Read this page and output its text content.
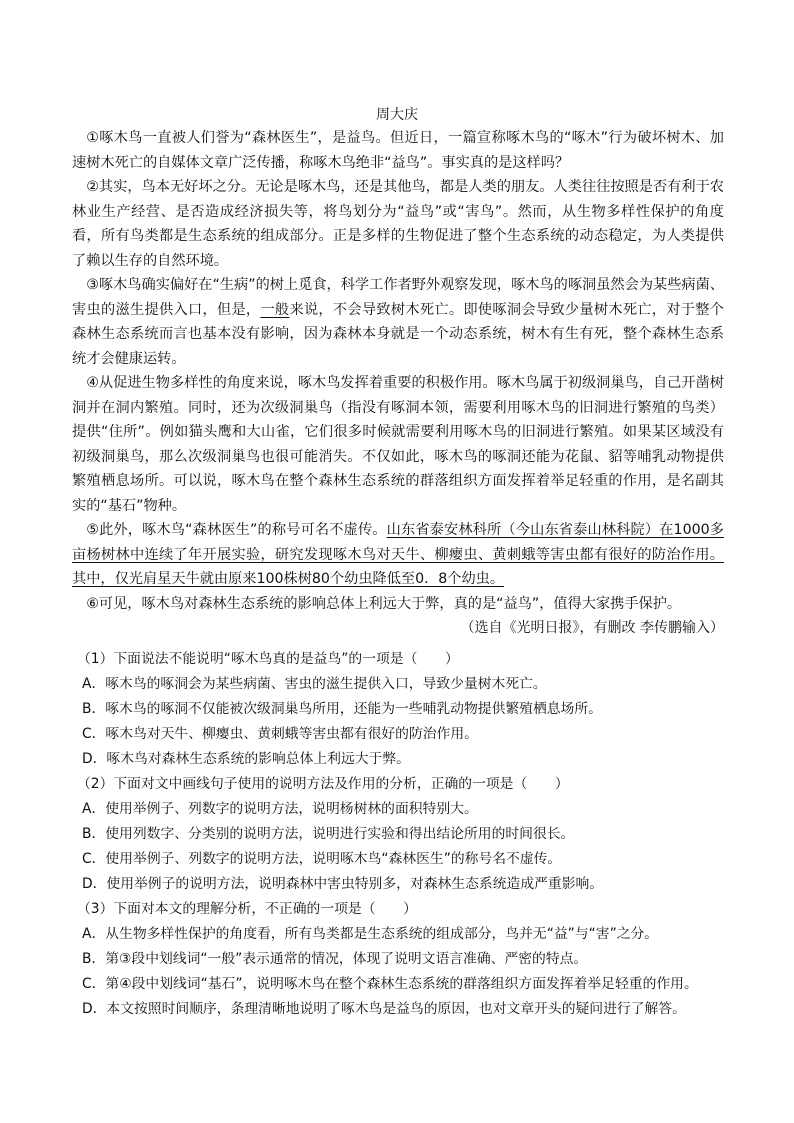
周大庆

①啄木鸟一直被人们誉为“森林医生”，是益鸟。但近日，一篇宣称啄木鸟的“啄木”行为破坏树木、加速树木死亡的自媒体文章广泛传播，称啄木鸟绝非“益鸟”。事实真的是这样吗？

②其实，鸟本无好坏之分。无论是啄木鸟，还是其他鸟，都是人类的朋友。人类往往按照是否有利于农林业生产经营、是否造成经济损失等，将鸟划分为“益鸟”或“害鸟”。然而，从生物多样性保护的角度看，所有鸟类都是生态系统的组成部分。正是多样的生物促进了整个生态系统的动态稳定，为人类提供了赖以生存的自然环境。

③啄木鸟确实偏好在“生病”的树上觅食，科学工作者野外观察发现，啄木鸟的啄洞虽然会为某些病菌、害虫的滋生提供入口，但是，一般来说，不会导致树木死亡。即使啄洞会导致少量树木死亡，对于整个森林生态系统而言也基本没有影响，因为森林本身就是一个动态系统，树木有生有死，整个森林生态系统才会健康运转。

④从促进生物多样性的角度来说，啄木鸟发挥着重要的积极作用。啄木鸟属于初级洞巢鸟，自己开凿树洞并在洞内繁殖。同时，还为次级洞巢鸟（指没有啄洞本领，需要利用啄木鸟的旧洞进行繁殖的鸟类）提供“住所”。例如猫头鹰和大山雀，它们很多时候就需要利用啄木鸟的旧洞进行繁殖。如果某区域没有初级洞巢鸟，那么次级洞巢鸟也很可能消失。不仅如此，啄木鸟的啄洞还能为花鼠、貂等哺乳动物提供繁殖栖息场所。可以说，啄木鸟在整个森林生态系统的群落组织方面发挥着举足轻重的作用，是名副其实的“基石”物种。

⑤此外，啄木鸟“森林医生”的称号可名不虚传。山东省泰安林科所（今山东省泰山林科院）在1000多亩杨树林中连续了年开展实验，研究发现啄木鸟对天牛、柳瘿虫、黄刺蛾等害虫都有很好的防治作用。其中，仅光肩星天牛就由原来100株树80个幼虫降低至0．8个幼虫。

⑥可见，啄木鸟对森林生态系统的影响总体上利远大于弊，真的是“益鸟”，值得大家携手保护。

（选自《光明日报》，有删改 李传鹏输入）

（1）下面说法不能说明“啄木鸟真的是益鸟”的一项是（　　）

A．啄木鸟的啄洞会为某些病菌、害虫的滋生提供入口，导致少量树木死亡。

B．啄木鸟的啄洞不仅能被次级洞巢鸟所用，还能为一些哺乳动物提供繁殖栖息场所。

C．啄木鸟对天牛、柳瘿虫、黄刺蛾等害虫都有很好的防治作用。

D．啄木鸟对森林生态系统的影响总体上利远大于弊。

（2）下面对文中画线句子使用的说明方法及作用的分析，正确的一项是（　　）

A．使用举例子、列数字的说明方法，说明杨树林的面积特别大。

B．使用列数字、分类别的说明方法，说明进行实验和得出结论所用的时间很长。

C．使用举例子、列数字的说明方法，说明啄木鸟“森林医生”的称号名不虚传。

D．使用举例子的说明方法，说明森林中害虫特别多，对森林生态系统造成严重影响。

（3）下面对本文的理解分析，不正确的一项是（　　）

A．从生物多样性保护的角度看，所有鸟类都是生态系统的组成部分，鸟并无“益”与“害”之分。

B．第③段中划线词“一般”表示通常的情况，体现了说明文语言准确、严密的特点。

C．第④段中划线词“基石”，说明啄木鸟在整个森林生态系统的群落组织方面发挥着举足轻重的作用。

D．本文按照时间顺序，条理清晰地说明了啄木鸟是益鸟的原因，也对文章开头的疑问进行了解答。
